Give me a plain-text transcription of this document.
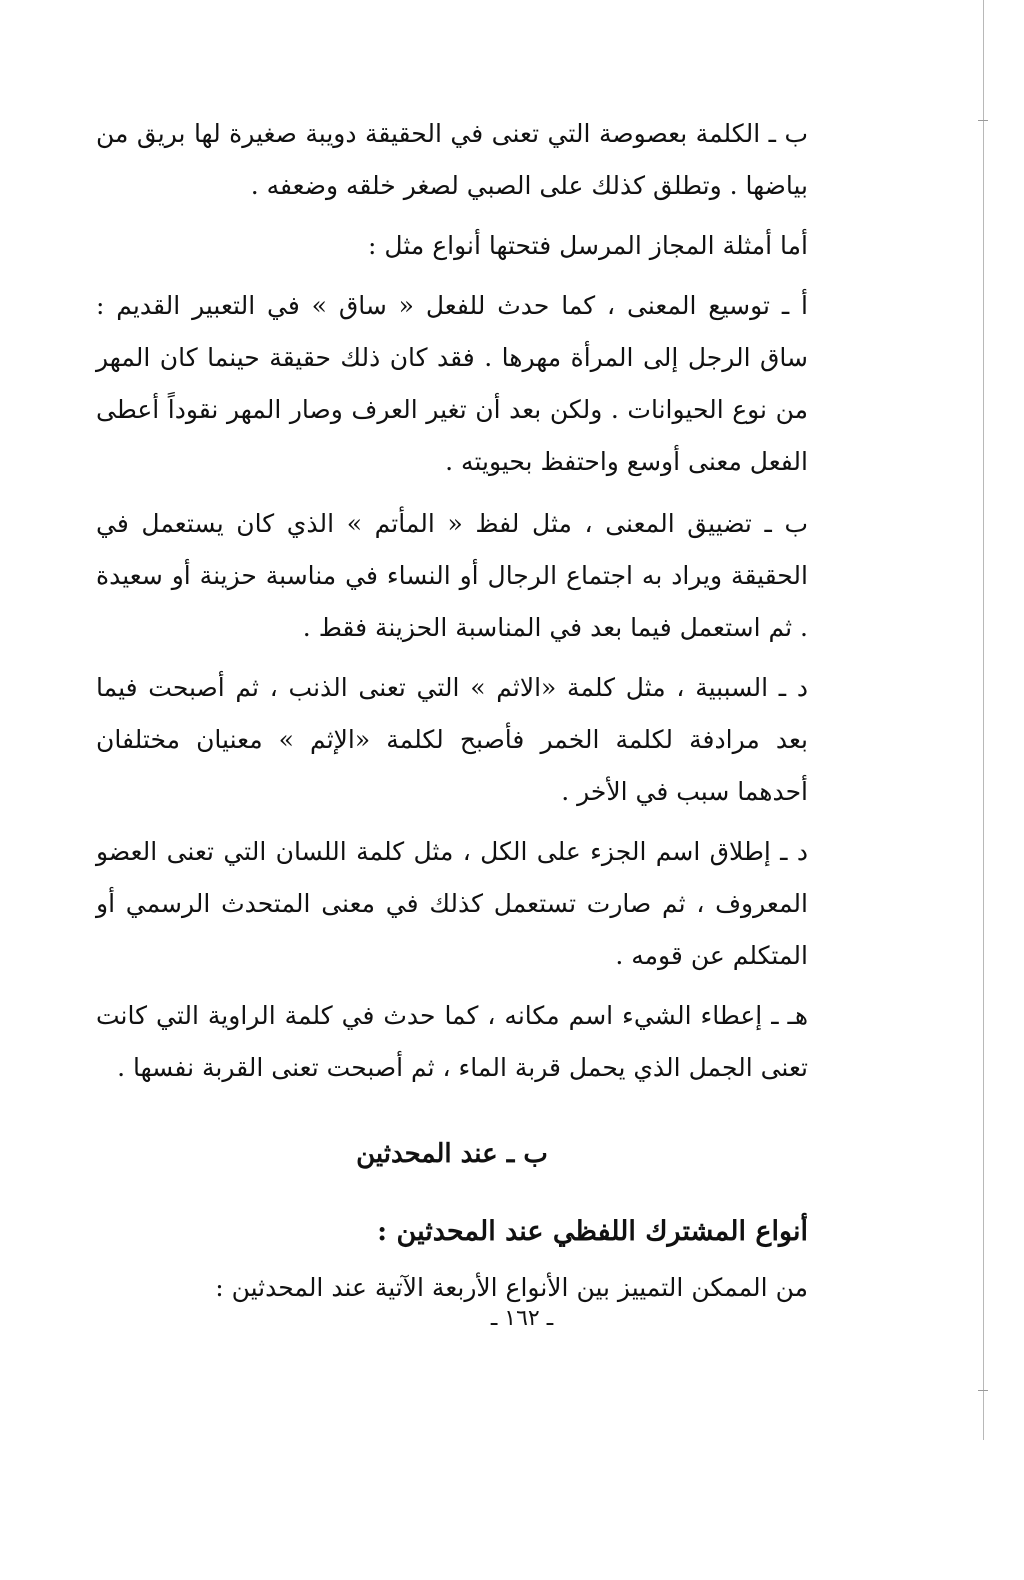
ب ـ الكلمة بعصوصة التي تعنى في الحقيقة دويبة صغيرة لها بريق من بياضها . وتطلق كذلك على الصبي لصغر خلقه وضعفه .

أما أمثلة المجاز المرسل فتحتها أنواع مثل :

أ ـ توسيع المعنى ، كما حدث للفعل « ساق » في التعبير القديم : ساق الرجل إلى المرأة مهرها . فقد كان ذلك حقيقة حينما كان المهر من نوع الحيوانات . ولكن بعد أن تغير العرف وصار المهر نقوداً أعطى الفعل معنى أوسع واحتفظ بحيويته .

ب ـ تضييق المعنى ، مثل لفظ « المأتم » الذي كان يستعمل في الحقيقة ويراد به اجتماع الرجال أو النساء في مناسبة حزينة أو سعيدة . ثم استعمل فيما بعد في المناسبة الحزينة فقط .

د ـ السببية ، مثل كلمة «الاثم » التي تعنى الذنب ، ثم أصبحت فيما بعد مرادفة لكلمة الخمر فأصبح لكلمة «الإثم » معنيان مختلفان أحدهما سبب في الأخر .

د ـ إطلاق اسم الجزء على الكل ، مثل كلمة اللسان التي تعنى العضو المعروف ، ثم صارت تستعمل كذلك في معنى المتحدث الرسمي أو المتكلم عن قومه .

هـ ـ إعطاء الشيء اسم مكانه ، كما حدث في كلمة الراوية التي كانت تعنى الجمل الذي يحمل قربة الماء ، ثم أصبحت تعنى القربة نفسها .

ب ـ عند المحدثين
أنواع المشترك اللفظي عند المحدثين :

من الممكن التمييز بين الأنواع الأربعة الآتية عند المحدثين :

ـ ١٦٢ ـ
